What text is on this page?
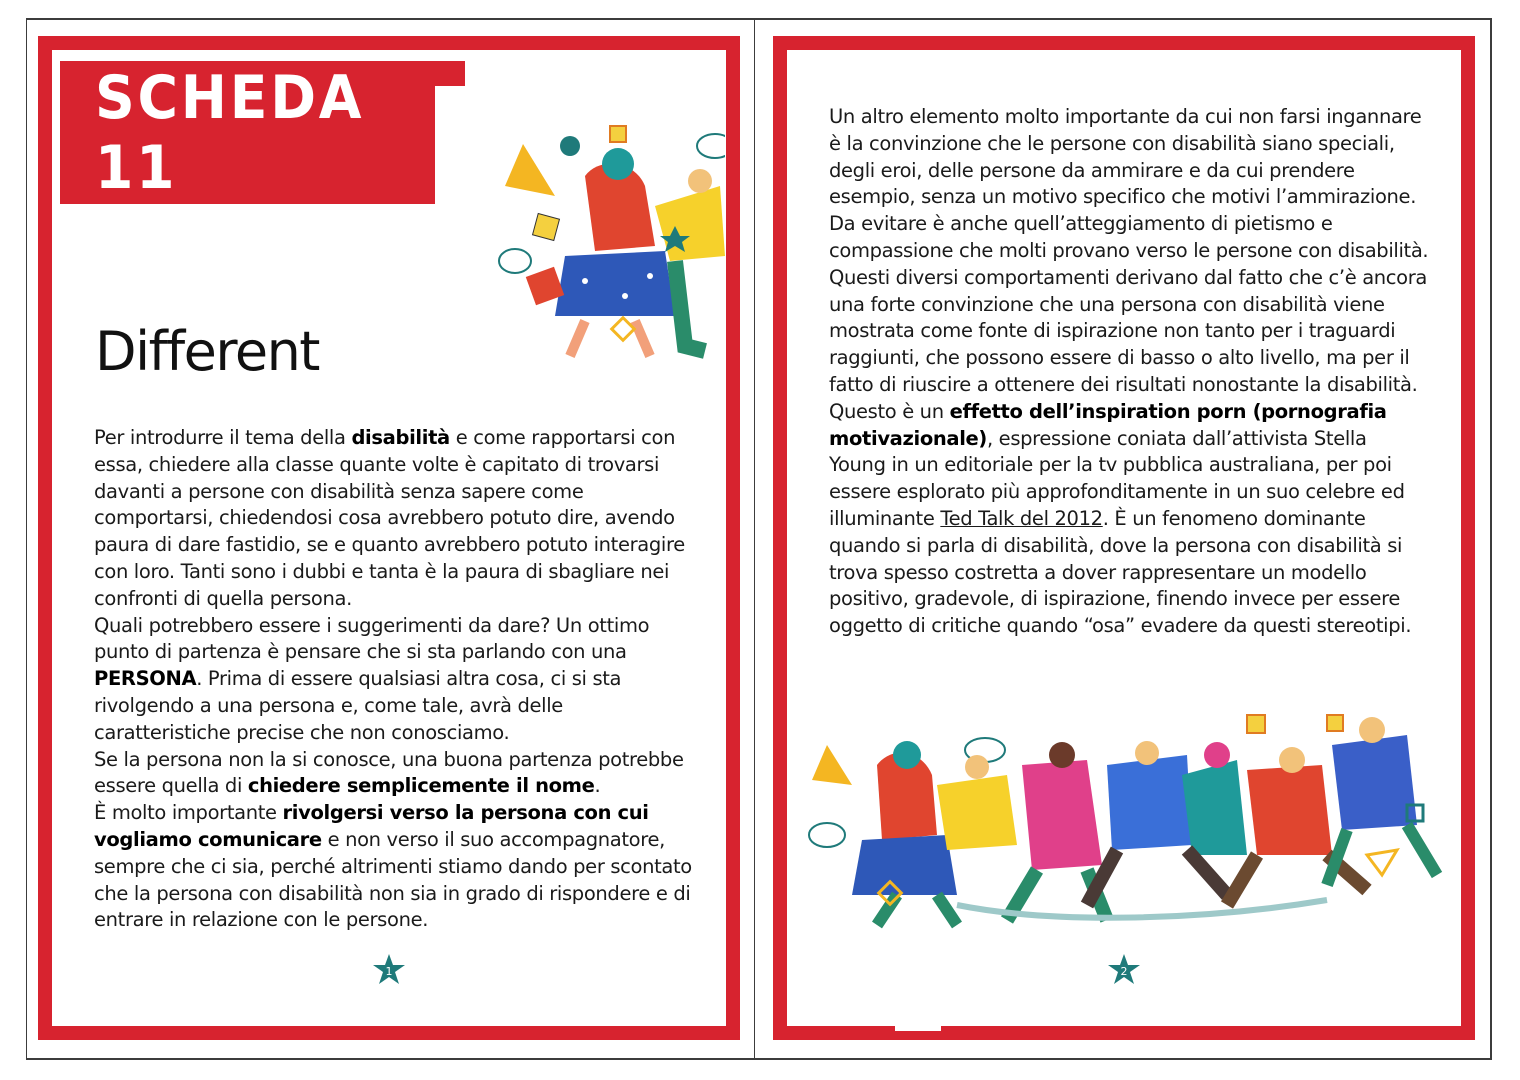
SCHEDA 11
Different

Per introdurre il tema della disabilità e come rapportarsi con essa, chiedere alla classe quante volte è capitato di trovarsi davanti a persone con disabilità senza sapere come comportarsi, chiedendosi cosa avrebbero potuto dire, avendo paura di dare fastidio, se e quanto avrebbero potuto interagire con loro. Tanti sono i dubbi e tanta è la paura di sbagliare nei confronti di quella persona.

Quali potrebbero essere i suggerimenti da dare? Un ottimo punto di partenza è pensare che si sta parlando con una PERSONA. Prima di essere qualsiasi altra cosa, ci si sta rivolgendo a una persona e, come tale, avrà delle caratteristiche precise che non conosciamo.

Se la persona non la si conosce, una buona partenza potrebbe essere quella di chiedere semplicemente il nome.

È molto importante rivolgersi verso la persona con cui vogliamo comunicare e non verso il suo accompagnatore, sempre che ci sia, perché altrimenti stiamo dando per scontato che la persona con disabilità non sia in grado di rispondere e di entrare in relazione con le persone.

1

Un altro elemento molto importante da cui non farsi ingannare è la convinzione che le persone con disabilità siano speciali, degli eroi, delle persone da ammirare e da cui prendere esempio, senza un motivo specifico che motivi l’ammirazione.

Da evitare è anche quell’atteggiamento di pietismo e compassione che molti provano verso le persone con disabilità. Questi diversi comportamenti derivano dal fatto che c’è ancora una forte convinzione che una persona con disabilità viene mostrata come fonte di ispirazione non tanto per i traguardi raggiunti, che possono essere di basso o alto livello, ma per il fatto di riuscire a ottenere dei risultati nonostante la disabilità. Questo è un effetto dell’inspiration porn (pornografia motivazionale), espressione coniata dall’attivista Stella Young in un editoriale per la tv pubblica australiana, per poi essere esplorato più approfonditamente in un suo celebre ed illuminante Ted Talk del 2012. È un fenomeno dominante quando si parla di disabilità, dove la persona con disabilità si trova spesso costretta a dover rappresentare un modello positivo, gradevole, di ispirazione, finendo invece per essere oggetto di critiche quando “osa” evadere da questi stereotipi.

2
